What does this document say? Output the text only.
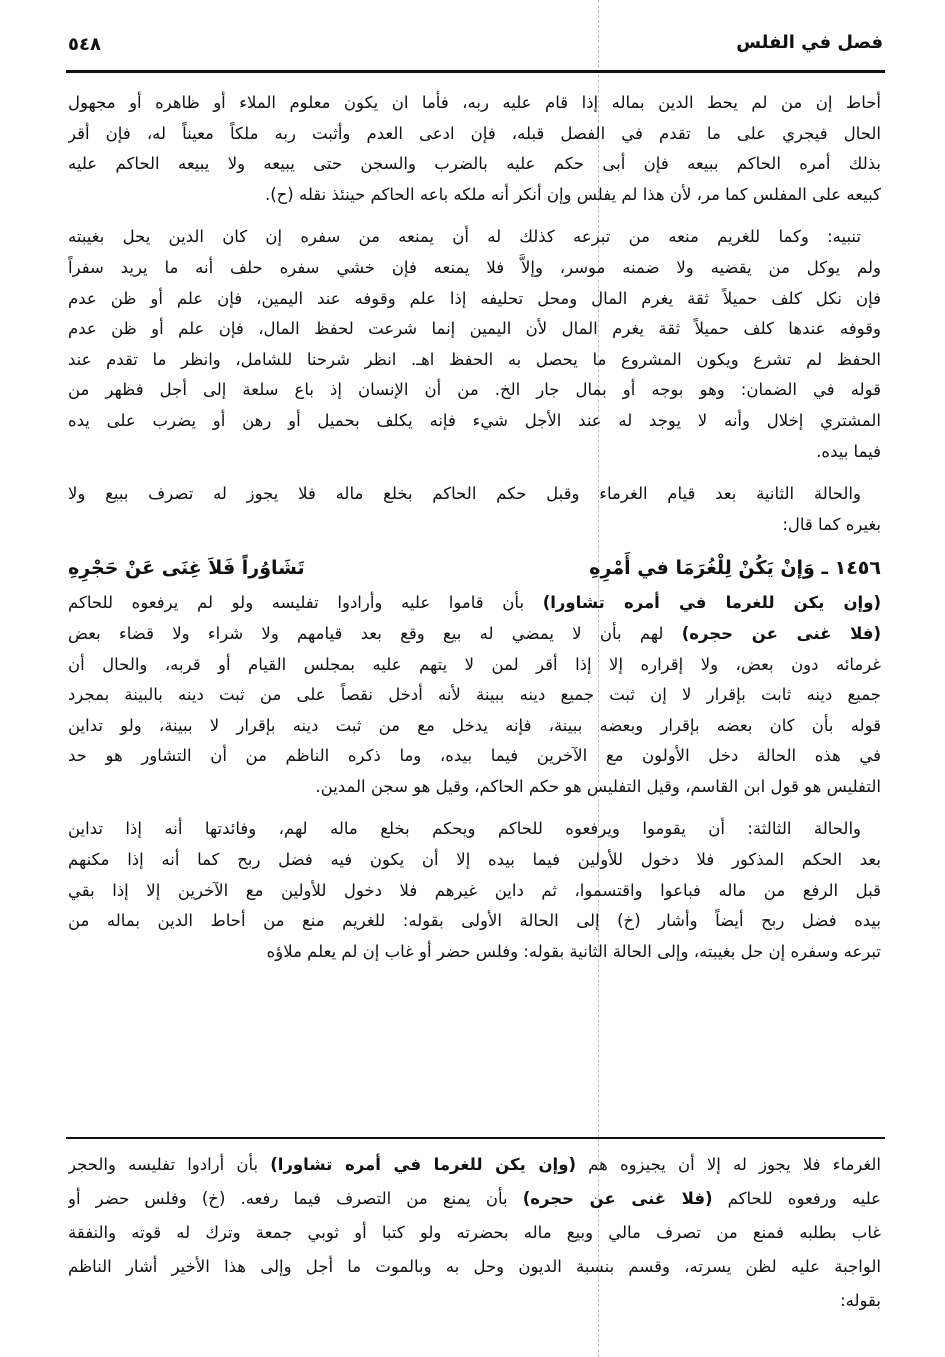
٥٤٨	فصل في الفلس
أحاط إن من لم يحط الدين بماله إذا قام عليه ربه، فأما ان يكون معلوم الملاء أو ظاهره أو مجهول
الحال فيجري على ما تقدم في الفصل قبله، فإن ادعى العدم وأثبت ربه ملكاً معيناً له، فإن أقر
بذلك أمره الحاكم ببيعه فإن أبى حكم عليه بالضرب والسجن حتى يبيعه ولا يبيعه الحاكم عليه
كبيعه على المفلس كما مر، لأن هذا لم يفلس وإن أنكر أنه ملكه باعه الحاكم حينئذ نقله (ح).
تنبيه: وكما للغريم منعه من تبرعه كذلك له أن يمنعه من سفره إن كان الدين يحل بغيبته
ولم يوكل من يقضيه ولا ضمنه موسر، وإلاَّ فلا يمنعه فإن خشي سفره حلف أنه ما يريد سفراً
فإن نكل كلف حميلاً ثقة يغرم المال ومحل تحليفه إذا علم وقوفه عند اليمين، فإن علم أو ظن عدم
وقوفه عندها كلف حميلاً ثقة يغرم المال لأن اليمين إنما شرعت لحفظ المال، فإن علم أو ظن عدم
الحفظ لم تشرع ويكون المشروع ما يحصل به الحفظ اهـ. انظر شرحنا للشامل، وانظر ما تقدم عند
قوله في الضمان: وهو بوجه أو بمال جار الخ. من أن الإنسان إذ باع سلعة إلى أجل فظهر من
المشتري إخلال وأنه لا يوجد له عند الأجل شيء فإنه يكلف بحميل أو رهن أو يضرب على يده
فيما بيده.
والحالة الثانية بعد قيام الغرماء وقبل حكم الحاكم بخلع ماله فلا يجوز له تصرف ببيع ولا
بغيره كما قال:
١٤٥٦ ـ وَإنْ يَكُنْ لِلْغُرَمَا في أَمْرِهِ
تَشَاوُراً فَلاَ غِنَى عَنْ حَجْرِهِ
(وإن يكن للغرما في أمره تشاورا) بأن قاموا عليه وأرادوا تفليسه ولو لم يرفعوه للحاكم
(فلا غنى عن حجره) لهم بأن لا يمضي له بيع وقع بعد قيامهم ولا شراء ولا قضاء بعض
غرمائه دون بعض، ولا إقراره إلا إذا أقر لمن لا يتهم عليه بمجلس القيام أو قربه، والحال أن
جميع دينه ثابت بإقرار لا إن ثبت جميع دينه ببينة لأنه أدخل نقصاً على من ثبت دينه بالبينة بمجرد
قوله بأن كان بعضه بإقرار وبعضه ببينة، فإنه يدخل مع من ثبت دينه بإقرار لا ببينة، ولو تداين
في هذه الحالة دخل الأولون مع الآخرين فيما بيده، وما ذكره الناظم من أن التشاور هو حد
التفليس هو قول ابن القاسم، وقيل التفليس هو حكم الحاكم، وقيل هو سجن المدين.
والحالة الثالثة: أن يقوموا ويرفعوه للحاكم ويحكم بخلع ماله لهم، وفائدتها أنه إذا تداين
بعد الحكم المذكور فلا دخول للأولين فيما بيده إلا أن يكون فيه فضل ربح كما أنه إذا مكنهم
قبل الرفع من ماله فباعوا واقتسموا، ثم داين غيرهم فلا دخول للأولين مع الآخرين إلا إذا بقي
بيده فضل ربح أيضاً وأشار (خ) إلى الحالة الأولى بقوله: للغريم منع من أحاط الدين بماله من
تبرعه وسفره إن حل بغيبته، وإلى الحالة الثانية بقوله: وفلس حضر أو غاب إن لم يعلم ملاؤه
الغرماء فلا يجوز له إلا أن يجيزوه هم (وإن يكن للغرما في أمره تشاورا) بأن أرادوا تفليسه والحجر
عليه ورفعوه للحاكم (فلا غنى عن حجره) بأن يمنع من التصرف فيما رفعه. (خ) وفلس حضر أو
غاب بطلبه فمنع من تصرف مالي وبيع ماله بحضرته ولو كتبا أو ثوبي جمعة وترك له قوته والنفقة
الواجبة عليه لظن يسرته، وقسم بنسبة الديون وحل به وبالموت ما أجل وإلى هذا الأخير أشار الناظم
بقوله:
